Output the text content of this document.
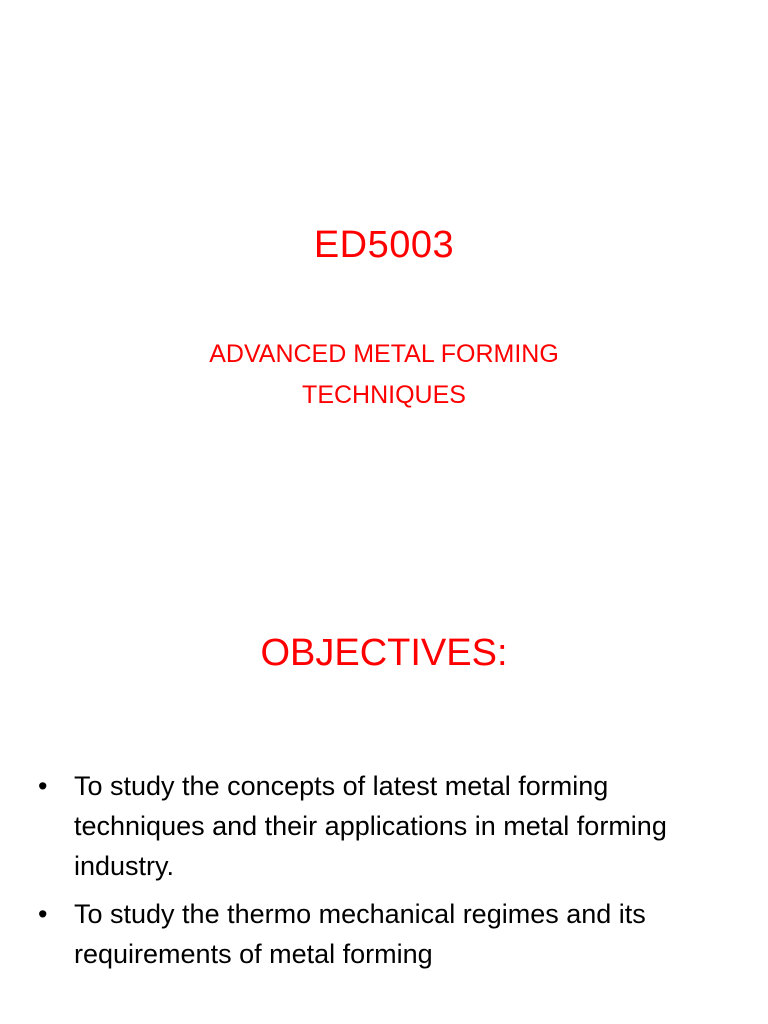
ED5003
ADVANCED METAL FORMING TECHNIQUES
OBJECTIVES:
• To study the concepts of latest metal forming techniques and their applications in metal forming industry.
• To study the thermo mechanical regimes and its requirements of metal forming
